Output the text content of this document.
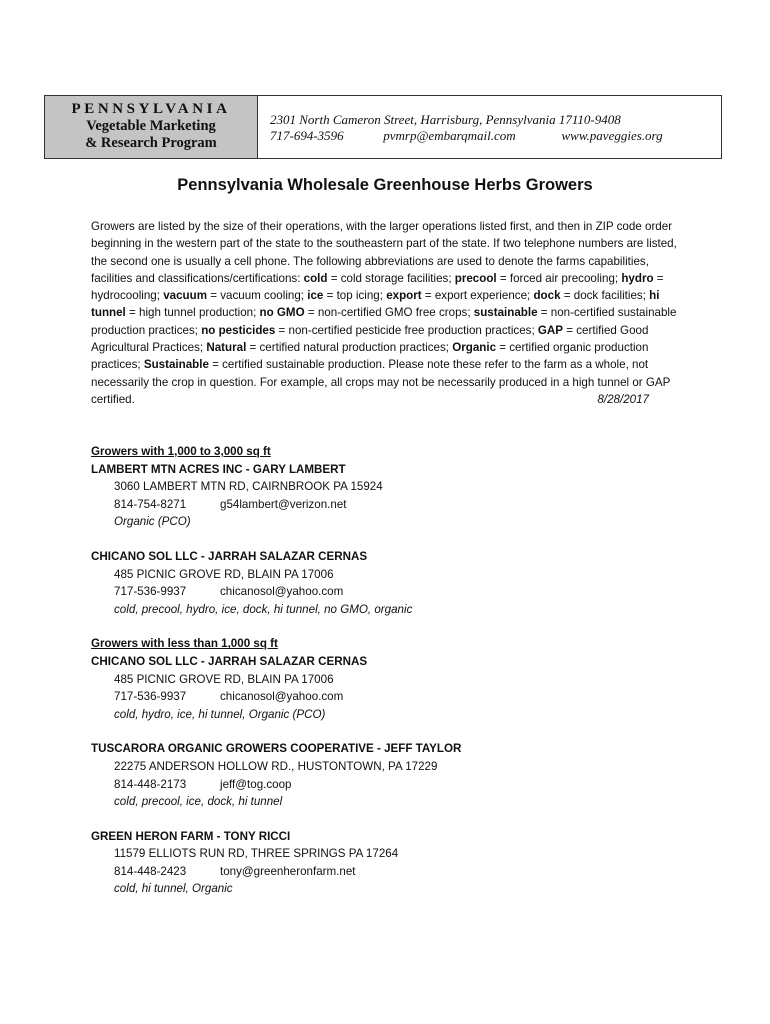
PENNSYLVANIA
Vegetable Marketing
& Research Program
2301 North Cameron Street, Harrisburg, Pennsylvania 17110-9408
717-694-3596	pvmrp@embarqmail.com	www.paveggies.org
Pennsylvania Wholesale Greenhouse Herbs Growers

Growers are listed by the size of their operations, with the larger operations listed first, and then in ZIP code order beginning in the western part of the state to the southeastern part of the state. If two telephone numbers are listed, the second one is usually a cell phone. The following abbreviations are used to denote the farms capabilities, facilities and classifications/certifications: cold = cold storage facilities; precool = forced air precooling; hydro = hydrocooling; vacuum = vacuum cooling; ice = top icing; export = export experience; dock = dock facilities; hi tunnel = high tunnel production; no GMO = non-certified GMO free crops; sustainable = non-certified sustainable production practices; no pesticides = non-certified pesticide free production practices; GAP = certified Good Agricultural Practices; Natural = certified natural production practices; Organic = certified organic production practices; Sustainable = certified sustainable production. Please note these refer to the farm as a whole, not necessarily the crop in question. For example, all crops may not be necessarily produced in a high tunnel or GAP certified.	8/28/2017

Growers with 1,000 to 3,000 sq ft
LAMBERT MTN ACRES INC - GARY LAMBERT
3060 LAMBERT MTN RD, CAIRNBROOK PA 15924
814-754-8271	g54lambert@verizon.net
Organic (PCO)
CHICANO SOL LLC - JARRAH SALAZAR CERNAS
485 PICNIC GROVE RD, BLAIN PA 17006
717-536-9937	chicanosol@yahoo.com
cold, precool, hydro, ice, dock, hi tunnel, no GMO, organic
Growers with less than 1,000 sq ft
CHICANO SOL LLC - JARRAH SALAZAR CERNAS
485 PICNIC GROVE RD, BLAIN PA 17006
717-536-9937	chicanosol@yahoo.com
cold, hydro, ice, hi tunnel, Organic (PCO)
TUSCARORA ORGANIC GROWERS COOPERATIVE - JEFF TAYLOR
22275 ANDERSON HOLLOW RD., HUSTONTOWN, PA 17229
814-448-2173	jeff@tog.coop
cold, precool, ice, dock, hi tunnel
GREEN HERON FARM - TONY RICCI
11579 ELLIOTS RUN RD, THREE SPRINGS PA 17264
814-448-2423	tony@greenheronfarm.net
cold, hi tunnel, Organic
